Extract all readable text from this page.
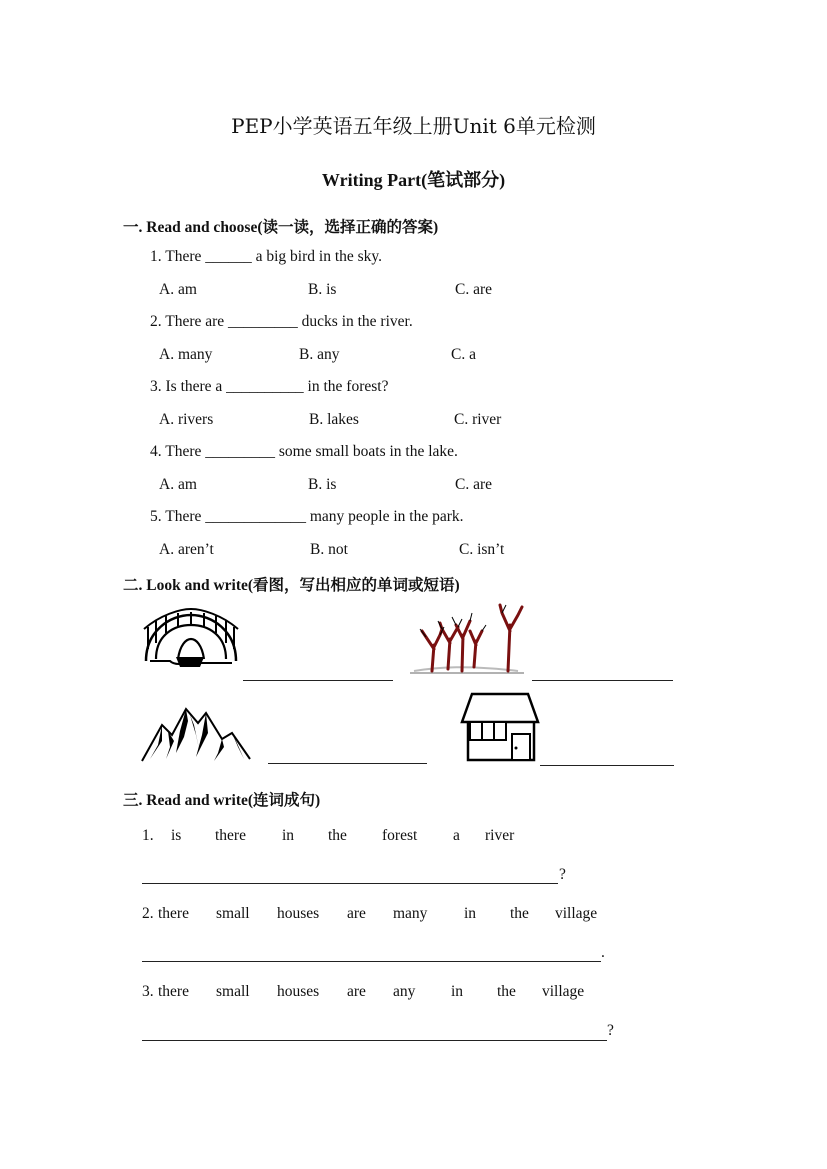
PEP小学英语五年级上册Unit 6单元检测
Writing Part(笔试部分)
一. Read and choose(读一读，选择正确的答案)
1. There ______ a big bird in the sky.
A. am	B. is	C. are
2. There are _________ ducks in the river.
A. many	B. any	C. a
3. Is there a __________ in the forest?
A. rivers	B. lakes	C. river
4. There _________ some small boats in the lake.
A. am	B. is	C. are
5. There _____________ many people in the park.
A. aren’t	B. not	C. isn’t
二. Look and write(看图，写出相应的单词或短语)
三. Read and write(连词成句)
1. is there in the forest a river
?
2. there small houses are many in the village
.
3. there small houses are any in the village
?
